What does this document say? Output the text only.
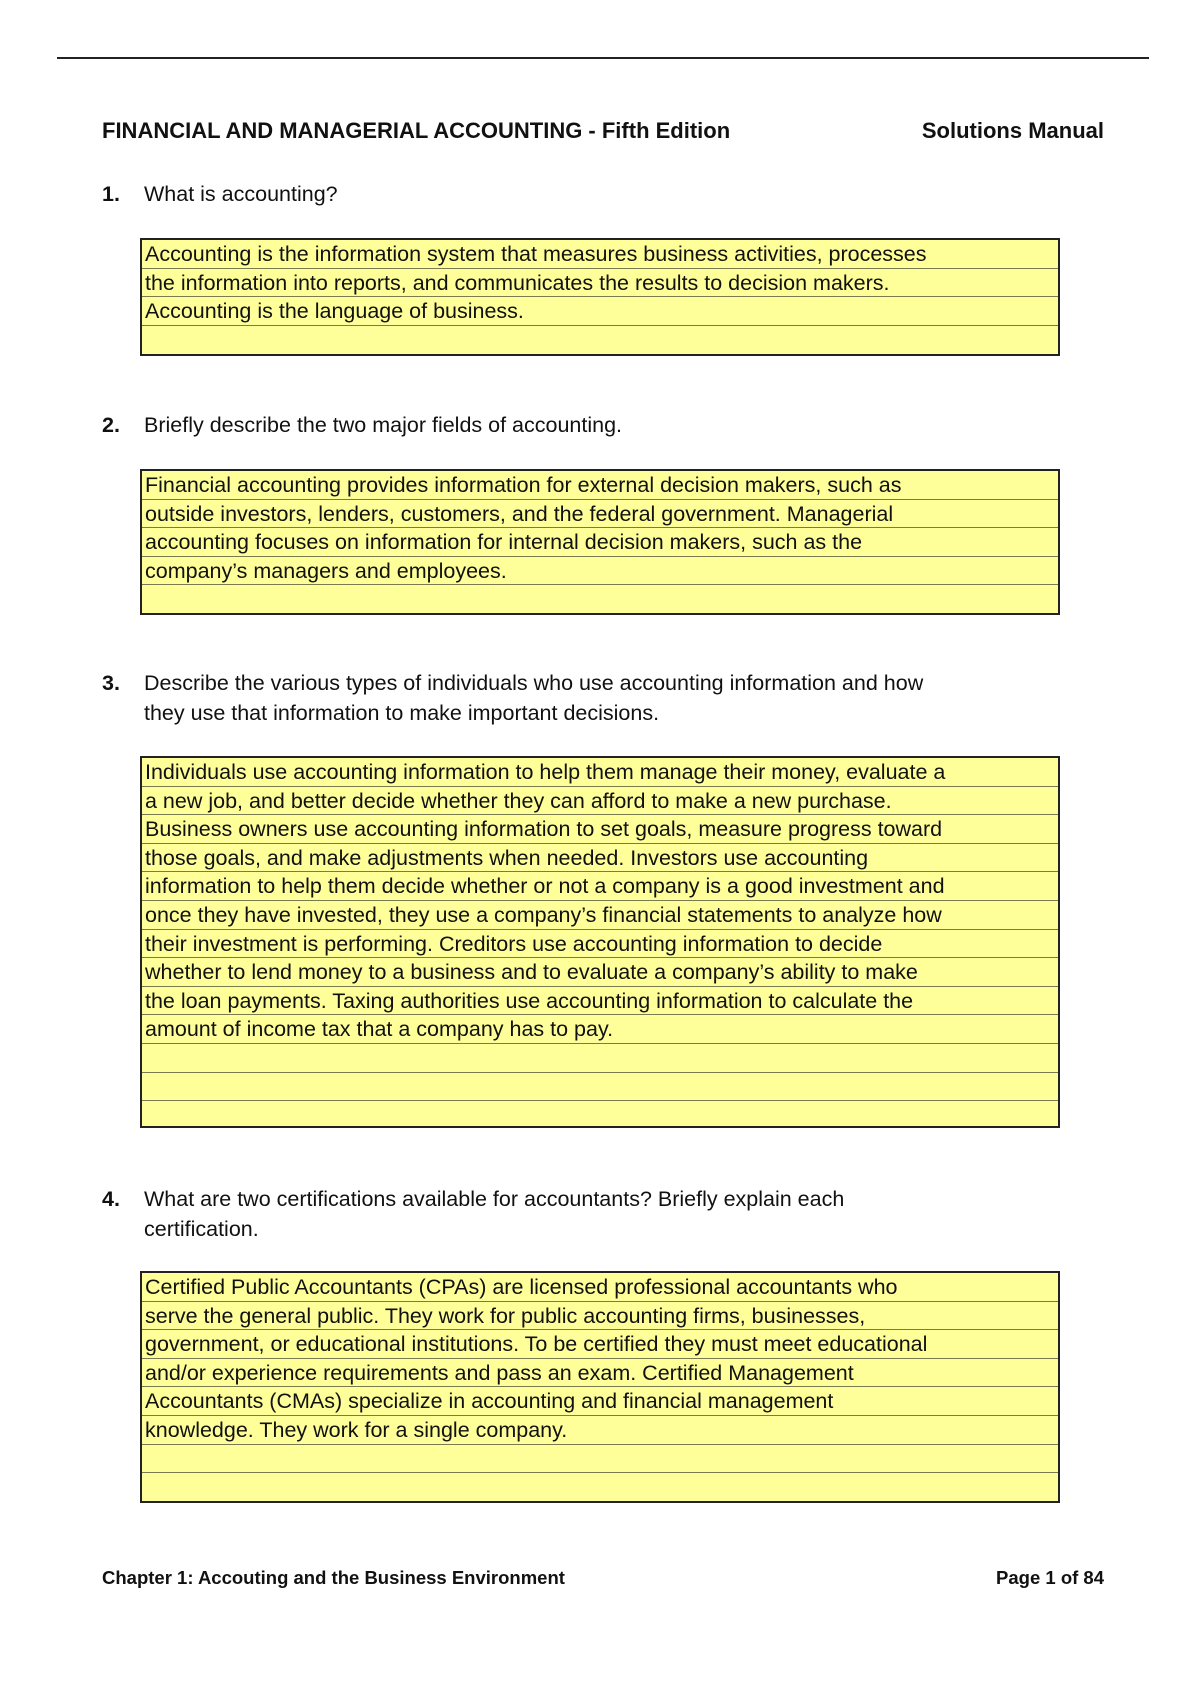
FINANCIAL AND MANAGERIAL ACCOUNTING - Fifth Edition	Solutions Manual
1. What is accounting?
Accounting is the information system that measures business activities, processes
the information into reports, and communicates the results to decision makers.
Accounting is the language of business.
2. Briefly describe the two major fields of accounting.
Financial accounting provides information for external decision makers, such as
outside investors, lenders, customers, and the federal government. Managerial
accounting focuses on information for internal decision makers, such as the
company’s managers and employees.
3. Describe the various types of individuals who use accounting information and how
they use that information to make important decisions.
Individuals use accounting information to help them manage their money, evaluate a
a new job, and better decide whether they can afford to make a new purchase.
Business owners use accounting information to set goals, measure progress toward
those goals, and make adjustments when needed. Investors use accounting
information to help them decide whether or not a company is a good investment and
once they have invested, they use a company’s financial statements to analyze how
their investment is performing. Creditors use accounting information to decide
whether to lend money to a business and to evaluate a company’s ability to make
the loan payments. Taxing authorities use accounting information to calculate the
amount of income tax that a company has to pay.
4. What are two certifications available for accountants? Briefly explain each
certification.
Certified Public Accountants (CPAs) are licensed professional accountants who
serve the general public. They work for public accounting firms, businesses,
government, or educational institutions. To be certified they must meet educational
and/or experience requirements and pass an exam. Certified Management
Accountants (CMAs) specialize in accounting and financial management
knowledge. They work for a single company.
Chapter 1: Accouting and the Business Environment	Page 1 of 84
